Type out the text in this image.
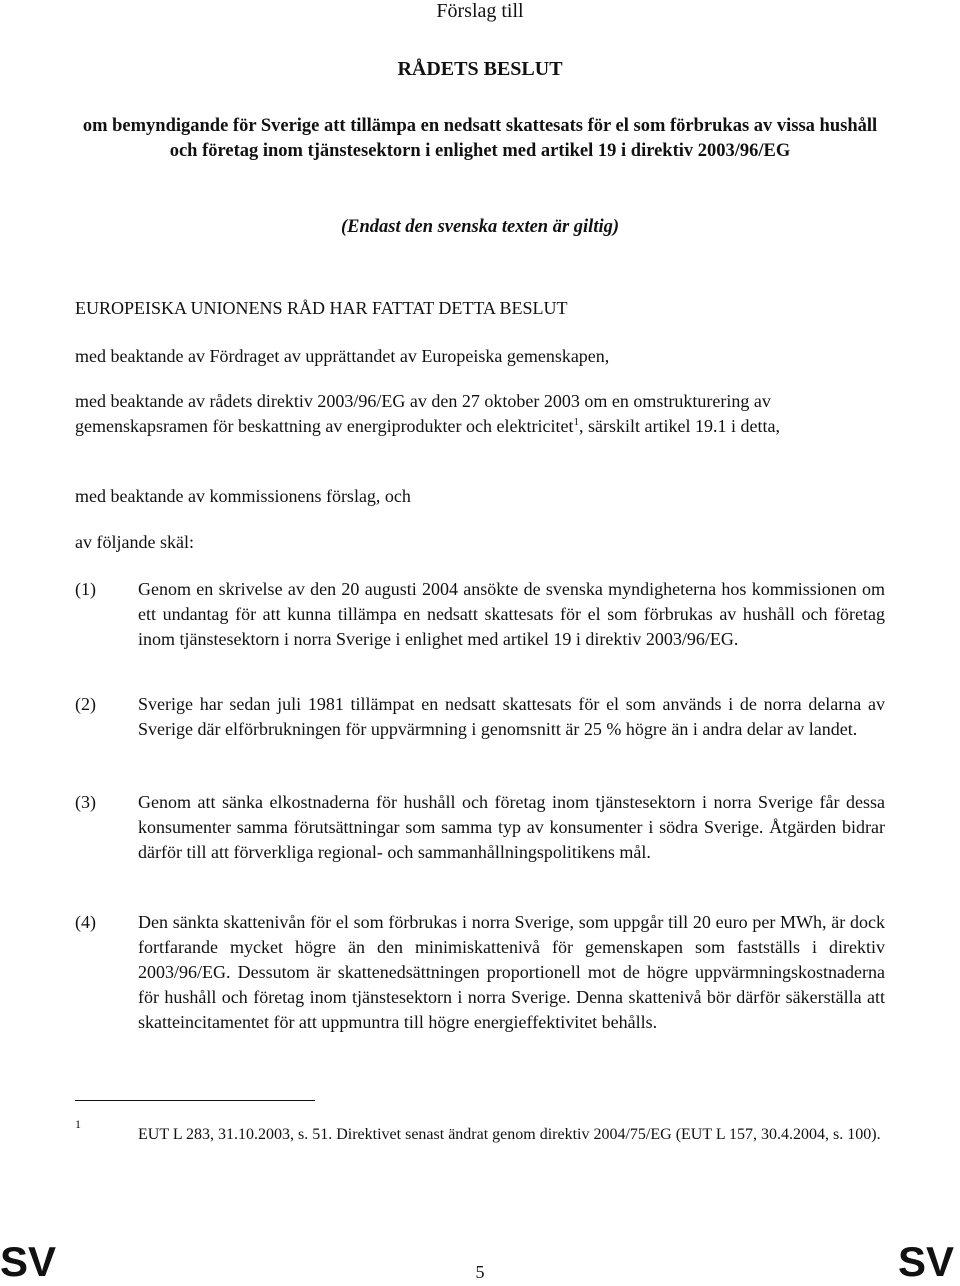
Förslag till
RÅDETS BESLUT
om bemyndigande för Sverige att tillämpa en nedsatt skattesats för el som förbrukas av vissa hushåll och företag inom tjänstesektorn i enlighet med artikel 19 i direktiv 2003/96/EG
(Endast den svenska texten är giltig)
EUROPEISKA UNIONENS RÅD HAR FATTAT DETTA BESLUT
med beaktande av Fördraget av upprättandet av Europeiska gemenskapen,
med beaktande av rådets direktiv 2003/96/EG av den 27 oktober 2003 om en omstrukturering av gemenskapsramen för beskattning av energiprodukter och elektricitet$^1$, särskilt artikel 19.1 i detta,
med beaktande av kommissionens förslag, och
av följande skäl:
(1)	Genom en skrivelse av den 20 augusti 2004 ansökte de svenska myndigheterna hos kommissionen om ett undantag för att kunna tillämpa en nedsatt skattesats för el som förbrukas av hushåll och företag inom tjänstesektorn i norra Sverige i enlighet med artikel 19 i direktiv 2003/96/EG.
(2)	Sverige har sedan juli 1981 tillämpat en nedsatt skattesats för el som används i de norra delarna av Sverige där elförbrukningen för uppvärmning i genomsnitt är 25 % högre än i andra delar av landet.
(3)	Genom att sänka elkostnaderna för hushåll och företag inom tjänstesektorn i norra Sverige får dessa konsumenter samma förutsättningar som samma typ av konsumenter i södra Sverige. Åtgärden bidrar därför till att förverkliga regional- och sammanhållningspolitikens mål.
(4)	Den sänkta skattenivån för el som förbrukas i norra Sverige, som uppgår till 20 euro per MWh, är dock fortfarande mycket högre än den minimiskattenivå för gemenskapen som fastställs i direktiv 2003/96/EG. Dessutom är skattenedsättningen proportionell mot de högre uppvärmningskostnaderna för hushåll och företag inom tjänstesektorn i norra Sverige. Denna skattenivå bör därför säkerställa att skatteincitamentet för att uppmuntra till högre energieffektivitet behålls.
1
EUT L 283, 31.10.2003, s. 51. Direktivet senast ändrat genom direktiv 2004/75/EG (EUT L 157, 30.4.2004, s. 100).
SV	5	SV
